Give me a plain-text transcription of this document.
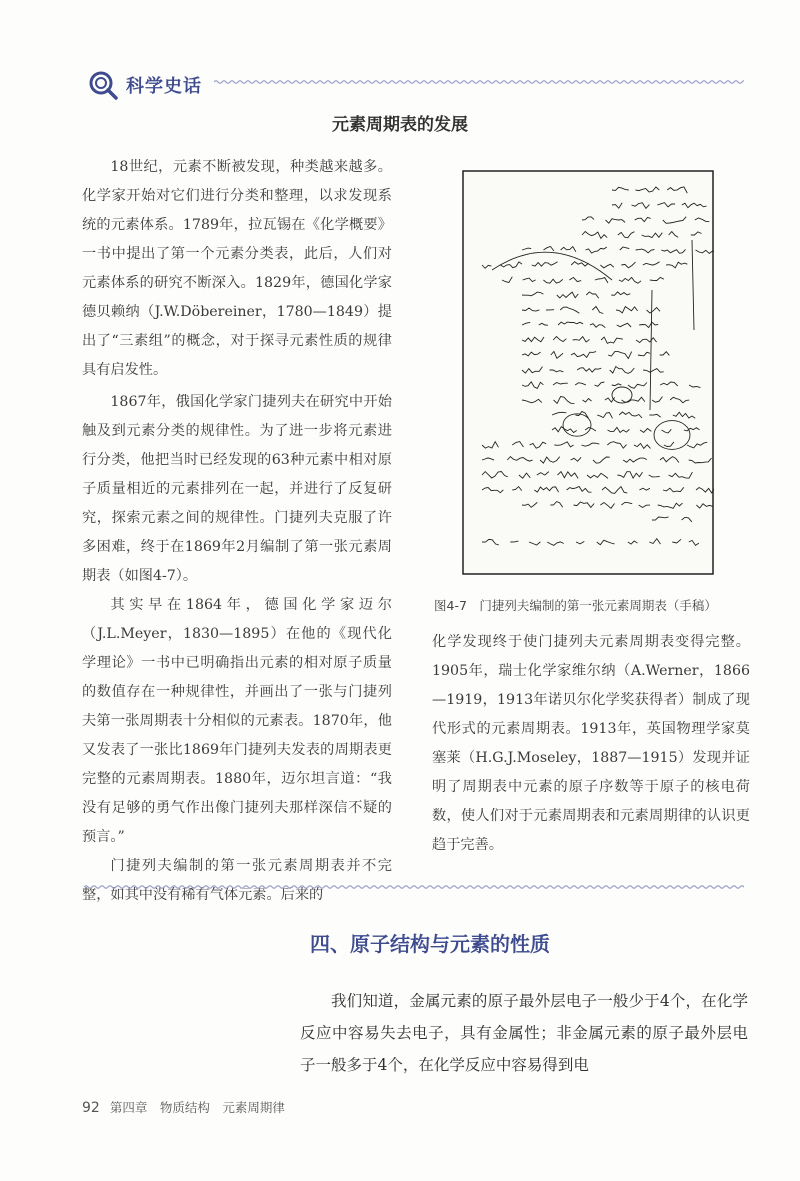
科学史话
元素周期表的发展

18世纪，元素不断被发现，种类越来越多。化学家开始对它们进行分类和整理，以求发现系统的元素体系。1789年，拉瓦锡在《化学概要》一书中提出了第一个元素分类表，此后，人们对元素体系的研究不断深入。1829年，德国化学家德贝赖纳（J.W.Döbereiner，1780—1849）提出了“三素组”的概念，对于探寻元素性质的规律具有启发性。

1867年，俄国化学家门捷列夫在研究中开始触及到元素分类的规律性。为了进一步将元素进行分类，他把当时已经发现的63种元素中相对原子质量相近的元素排列在一起，并进行了反复研究，探索元素之间的规律性。门捷列夫克服了许多困难，终于在1869年2月编制了第一张元素周期表（如图4-7）。

其实早在1864年，德国化学家迈尔（J.L.Meyer，1830—1895）在他的《现代化学理论》一书中已明确指出元素的相对原子质量的数值存在一种规律性，并画出了一张与门捷列夫第一张周期表十分相似的元素表。1870年，他又发表了一张比1869年门捷列夫发表的周期表更完整的元素周期表。1880年，迈尔坦言道：“我没有足够的勇气作出像门捷列夫那样深信不疑的预言。”

门捷列夫编制的第一张元素周期表并不完整，如其中没有稀有气体元素。后来的

图4-7　门捷列夫编制的第一张元素周期表（手稿）

化学发现终于使门捷列夫元素周期表变得完整。1905年，瑞士化学家维尔纳（A.Werner，1866—1919，1913年诺贝尔化学奖获得者）制成了现代形式的元素周期表。1913年，英国物理学家莫塞莱（H.G.J.Moseley，1887—1915）发现并证明了周期表中元素的原子序数等于原子的核电荷数，使人们对于元素周期表和元素周期律的认识更趋于完善。

四、原子结构与元素的性质

我们知道，金属元素的原子最外层电子一般少于4个，在化学反应中容易失去电子，具有金属性；非金属元素的原子最外层电子一般多于4个，在化学反应中容易得到电

92 第四章　物质结构　元素周期律
